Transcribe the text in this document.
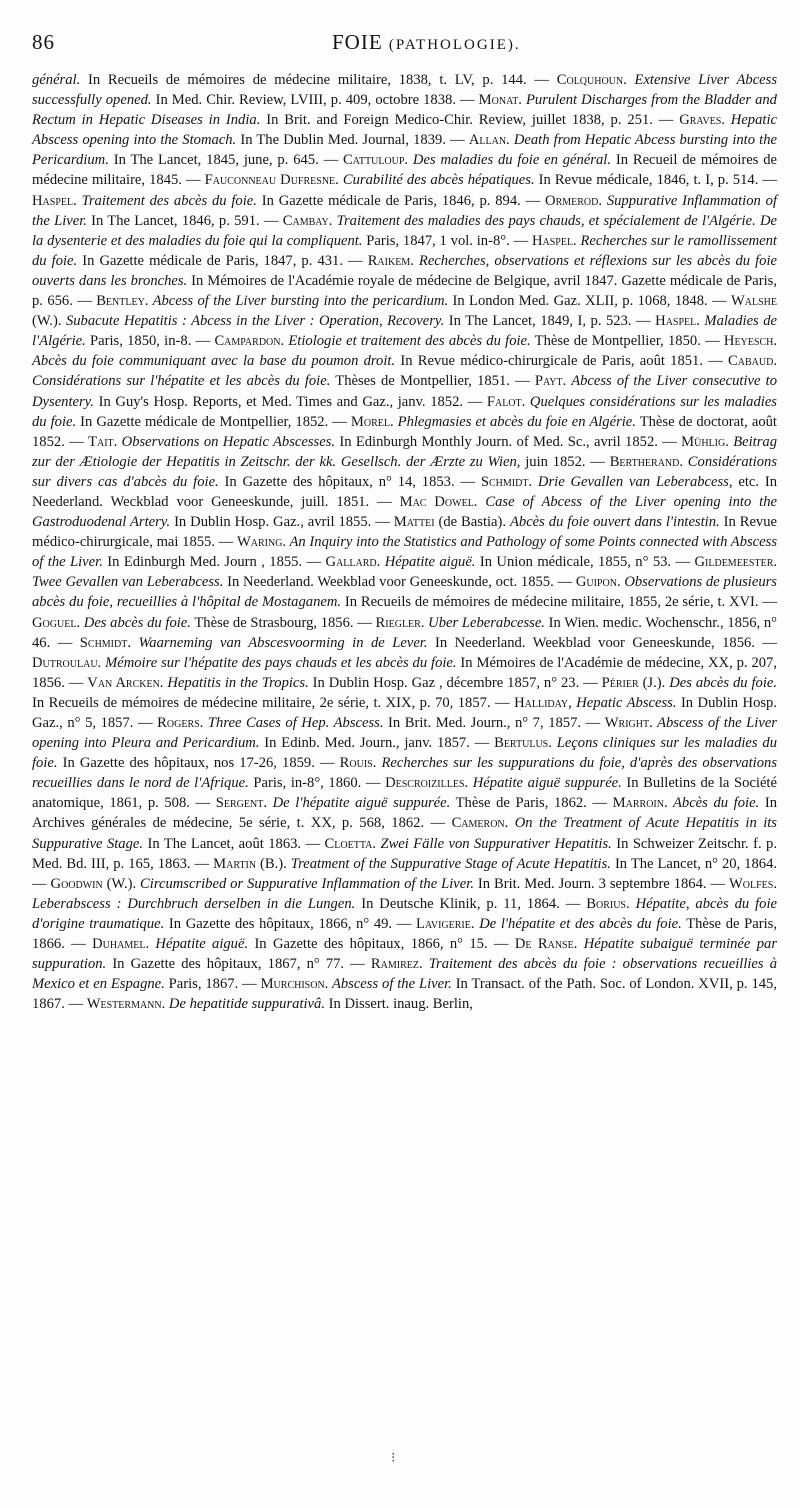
86	FOIE (PATHOLOGIE).

général. In Recueils de mémoires de médecine militaire, 1838, t. LV, p. 144. — Colquhoun. Extensive Liver Abcess successfully opened. In Med. Chir. Review, LVIII, p. 409, octobre 1838. — Monat. Purulent Discharges from the Bladder and Rectum in Hepatic Diseases in India. In Brit. and Foreign Medico-Chir. Review, juillet 1838, p. 251. — Graves. Hepatic Abscess opening into the Stomach. In The Dublin Med. Journal, 1839. — Allan. Death from Hepatic Abcess bursting into the Pericardium. In The Lancet, 1845, june, p. 645. — Cattuloup. Des maladies du foie en général. In Recueil de mémoires de médecine militaire, 1845. — Fauconneau Dufresne. Curabilité des abcès hépatiques. In Revue médicale, 1846, t. I, p. 514. — Haspel. Traitement des abcès du foie. In Gazette médicale de Paris, 1846, p. 894. — Ormerod. Suppurative Inflammation of the Liver. In The Lancet, 1846, p. 591. — Cambay. Traitement des maladies des pays chauds, et spécialement de l'Algérie. De la dysenterie et des maladies du foie qui la compliquent. Paris, 1847, 1 vol. in-8°. — Haspel. Recherches sur le ramollissement du foie. In Gazette médicale de Paris, 1847, p. 431. — Raikem. Recherches, observations et réflexions sur les abcès du foie ouverts dans les bronches. In Mémoires de l'Académie royale de médecine de Belgique, avril 1847. Gazette médicale de Paris, p. 656. — Bentley. Abcess of the Liver bursting into the pericardium. In London Med. Gaz. XLII, p. 1068, 1848. — Walshe (W.). Subacute Hepatitis : Abcess in the Liver : Operation, Recovery. In The Lancet, 1849, I, p. 523. — Haspel. Maladies de l'Algérie. Paris, 1850, in-8. — Campardon. Etiologie et traitement des abcès du foie. Thèse de Montpellier, 1850. — Heyesch. Abcès du foie communiquant avec la base du poumon droit. In Revue médico-chirurgicale de Paris, août 1851. — Cabaud. Considérations sur l'hépatite et les abcès du foie. Thèses de Montpellier, 1851. — Payt. Abcess of the Liver consecutive to Dysentery. In Guy's Hosp. Reports, et Med. Times and Gaz., janv. 1852. — Falot. Quelques considérations sur les maladies du foie. In Gazette médicale de Montpellier, 1852. — Morel. Phlegmasies et abcès du foie en Algérie. Thèse de doctorat, août 1852. — Tait. Observations on Hepatic Abscesses. In Edinburgh Monthly Journ. of Med. Sc., avril 1852. — Mühlig. Beitrag zur der Ætiologie der Hepatitis in Zeitschr. der kk. Gesellsch. der Ærzte zu Wien, juin 1852. — Bertherand. Considérations sur divers cas d'abcès du foie. In Gazette des hôpitaux, n° 14, 1853. — Schmidt. Drie Gevallen van Leberabcess, etc. In Neederland. Weckblad voor Geneeskunde, juill. 1851. — Mac Dowel. Case of Abcess of the Liver opening into the Gastroduodenal Artery. In Dublin Hosp. Gaz., avril 1855. — Mattei (de Bastia). Abcès du foie ouvert dans l'intestin. In Revue médico-chirurgicale, mai 1855. — Waring. An Inquiry into the Statistics and Pathology of some Points connected with Abscess of the Liver. In Edinburgh Med. Journ , 1855. — Gallard. Hépatite aiguë. In Union médicale, 1855, n° 53. — Gildemeester. Twee Gevallen van Leberabcess. In Neederland. Weekblad voor Geneeskunde, oct. 1855. — Guipon. Observations de plusieurs abcès du foie, recueillies à l'hôpital de Mostaganem. In Recueils de mémoires de médecine militaire, 1855, 2e série, t. XVI. — Goguel. Des abcès du foie. Thèse de Strasbourg, 1856. — Riegler. Uber Leberabcesse. In Wien. medic. Wochenschr., 1856, n° 46. — Schmidt. Waarneming van Abscesvoorming in de Lever. In Neederland. Weekblad voor Geneeskunde, 1856. — Dutroulau. Mémoire sur l'hépatite des pays chauds et les abcès du foie. In Mémoires de l'Académie de médecine, XX, p. 207, 1856. — Van Arcken. Hepatitis in the Tropics. In Dublin Hosp. Gaz , décembre 1857, n° 23. — Périer (J.). Des abcès du foie. In Recueils de mémoires de médecine militaire, 2e série, t. XIX, p. 70, 1857. — Halliday, Hepatic Abscess. In Dublin Hosp. Gaz., n° 5, 1857. — Rogers. Three Cases of Hep. Abscess. In Brit. Med. Journ., n° 7, 1857. — Wright. Abscess of the Liver opening into Pleura and Pericardium. In Edinb. Med. Journ., janv. 1857. — Bertulus. Leçons cliniques sur les maladies du foie. In Gazette des hôpitaux, nos 17-26, 1859. — Rouis. Recherches sur les suppurations du foie, d'après des observations recueillies dans le nord de l'Afrique. Paris, in-8°, 1860. — Descroizilles. Hépatite aiguë suppurée. In Bulletins de la Société anatomique, 1861, p. 508. — Sergent. De l'hépatite aiguë suppurée. Thèse de Paris, 1862. — Marroin. Abcès du foie. In Archives générales de médecine, 5e série, t. XX, p. 568, 1862. — Cameron. On the Treatment of Acute Hepatitis in its Suppurative Stage. In The Lancet, août 1863. — Cloetta. Zwei Fälle von Suppurativer Hepatitis. In Schweizer Zeitschr. f. p. Med. Bd. III, p. 165, 1863. — Martin (B.). Treatment of the Suppurative Stage of Acute Hepatitis. In The Lancet, n° 20, 1864. — Goodwin (W.). Circumscribed or Suppurative Inflammation of the Liver. In Brit. Med. Journ. 3 septembre 1864. — Wolfes. Leberabscess : Durchbruch derselben in die Lungen. In Deutsche Klinik, p. 11, 1864. — Borius. Hépatite, abcès du foie d'origine traumatique. In Gazette des hôpitaux, 1866, n° 49. — Lavigerie. De l'hépatite et des abcès du foie. Thèse de Paris, 1866. — Duhamel. Hépatite aiguë. In Gazette des hôpitaux, 1866, n° 15. — De Ranse. Hépatite subaiguë terminée par suppuration. In Gazette des hôpitaux, 1867, n° 77. — Ramirez. Traitement des abcès du foie : observations recueillies à Mexico et en Espagne. Paris, 1867. — Murchison. Abscess of the Liver. In Transact. of the Path. Soc. of London. XVII, p. 145, 1867. — Westermann. De hepatitide suppurativâ. In Dissert. inaug. Berlin,

⁝
